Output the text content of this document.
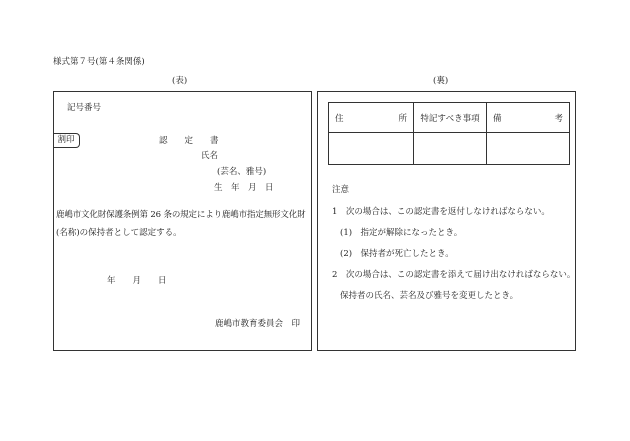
様式第７号(第４条関係)
(表)	(裏)
記号番号
割印	認　　定　　書
氏名
(芸名、雅号)
生　年　月　日
鹿嶋市文化財保護条例第 26 条の規定により鹿嶋市指定無形文化財
(名称)の保持者として認定する。
年　　月　　日
鹿嶋市教育委員会　印
住 所	特記すべき事項	備 考

注意
1　次の場合は、この認定書を返付しなければならない。
(1)　指定が解除になったとき。
(2)　保持者が死亡したとき。
2　次の場合は、この認定書を添えて届け出なければならない。
保持者の氏名、芸名及び雅号を変更したとき。
